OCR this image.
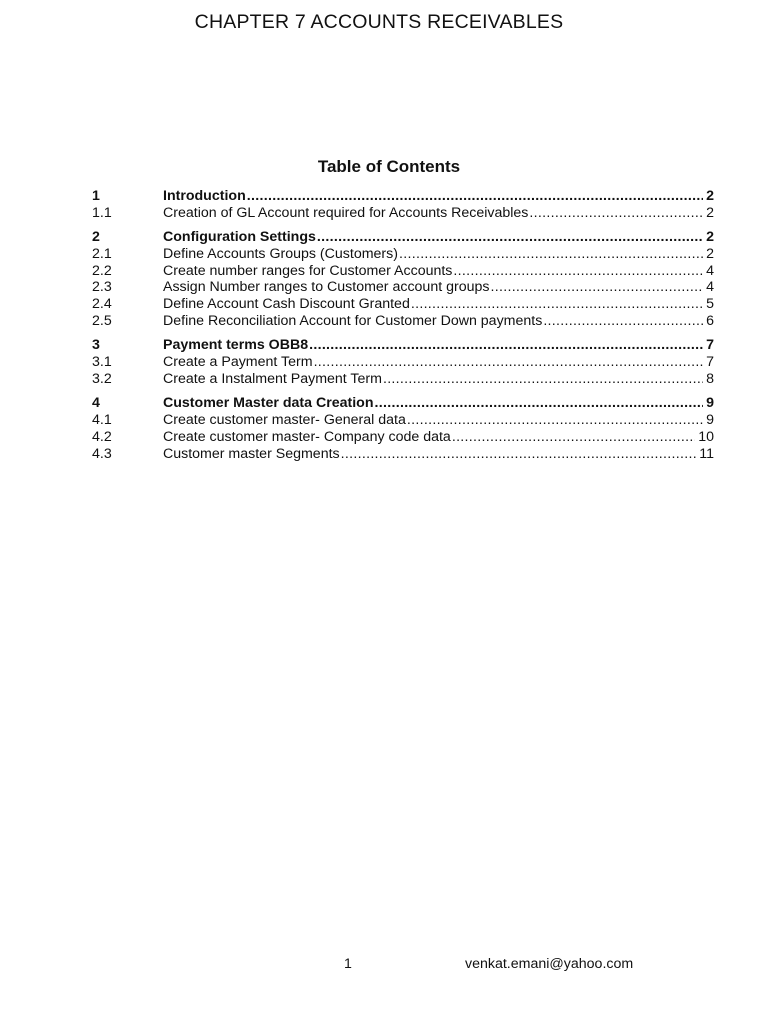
CHAPTER 7 ACCOUNTS RECEIVABLES
Table of Contents
1	Introduction .....	2
1.1	Creation of GL Account required for Accounts Receivables .....	2
2	Configuration Settings .....	2
2.1	Define Accounts Groups (Customers) .....	2
2.2	Create number ranges for Customer Accounts .....	4
2.3	Assign Number ranges to Customer account groups .....	4
2.4	Define Account Cash Discount Granted .....	5
2.5	Define Reconciliation Account for Customer Down payments .....	6
3	Payment terms OBB8 .....	7
3.1	Create a Payment Term .....	7
3.2	Create a Instalment Payment Term .....	8
4	Customer Master data Creation .....	9
4.1	Create customer master- General data .....	9
4.2	Create customer master- Company code data .....	10
4.3	Customer master Segments .....	11
1	venkat.emani@yahoo.com
